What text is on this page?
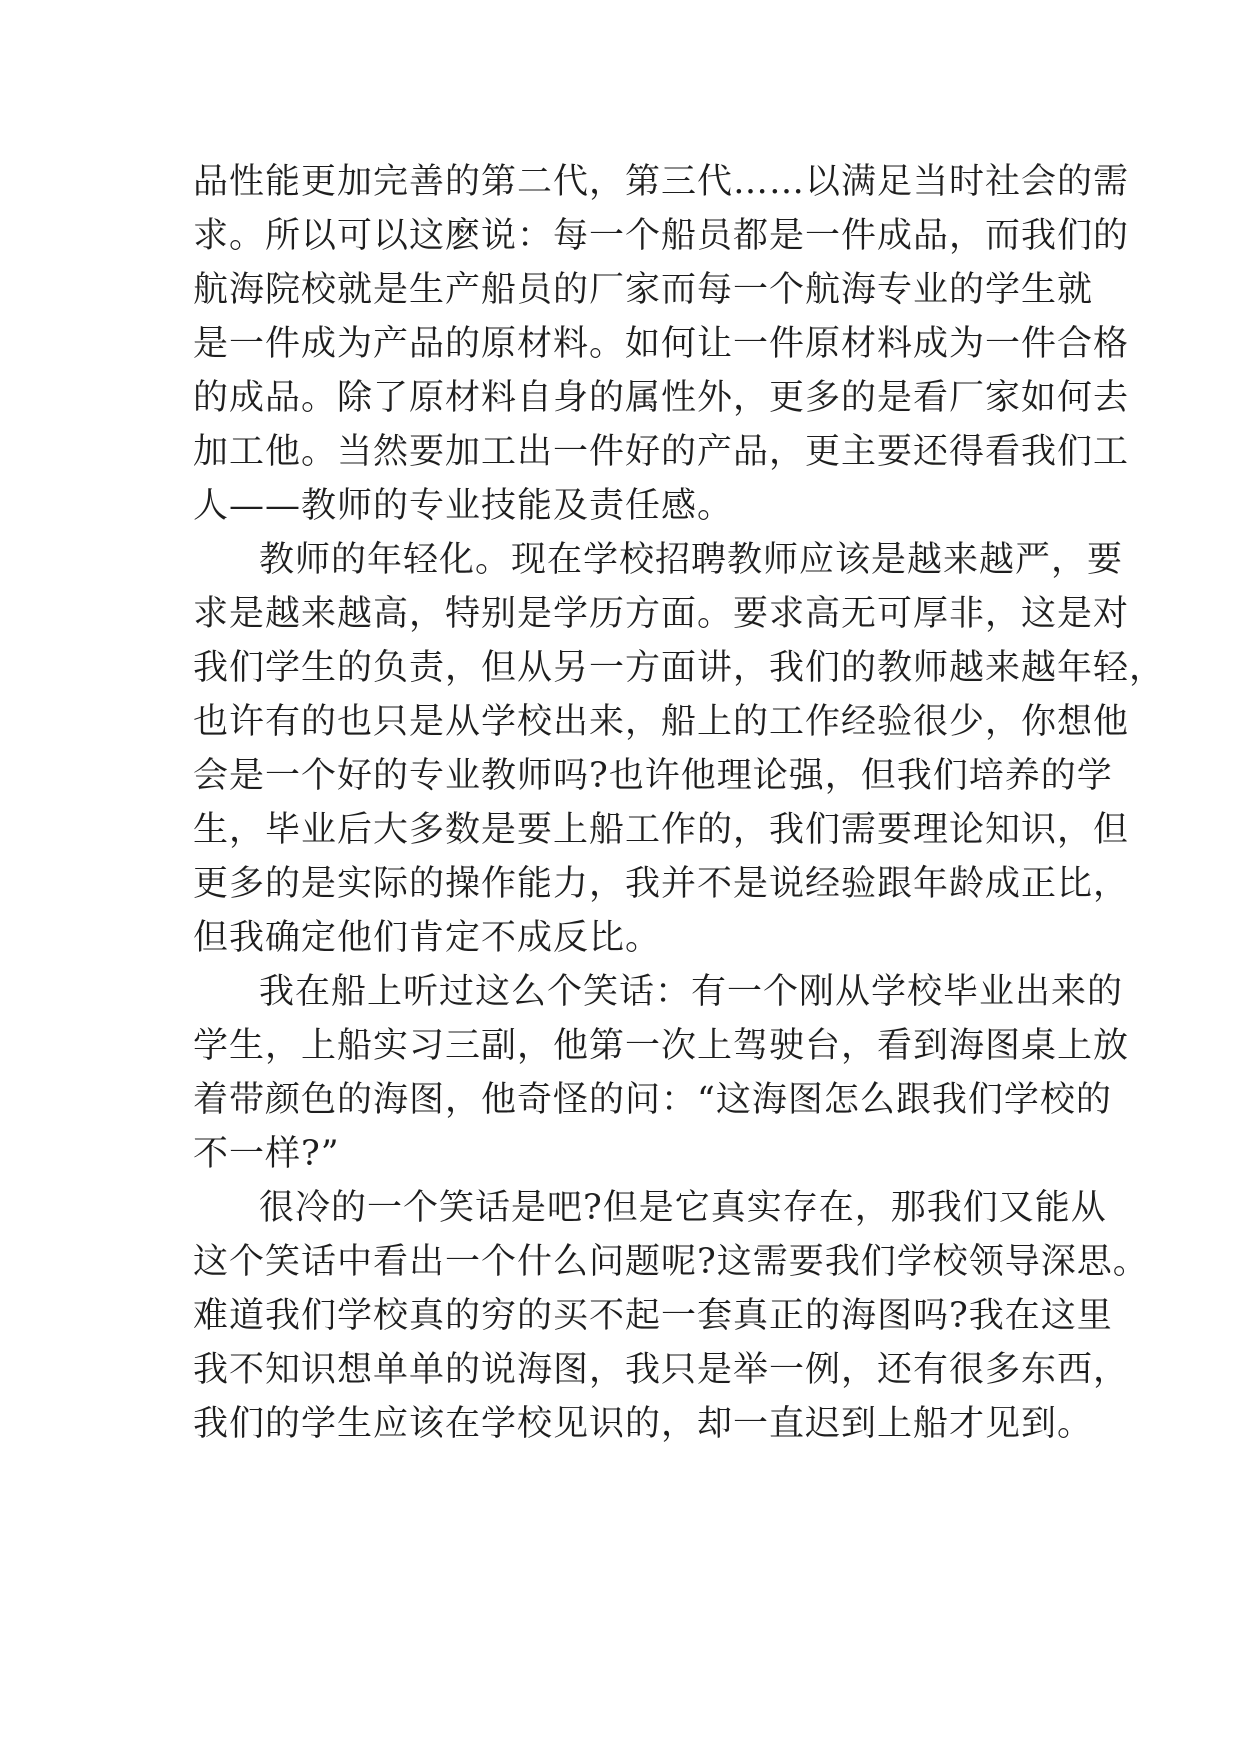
品性能更加完善的第二代，第三代……以满足当时社会的需
求。所以可以这麽说：每一个船员都是一件成品，而我们的
航海院校就是生产船员的厂家而每一个航海专业的学生就
是一件成为产品的原材料。如何让一件原材料成为一件合格
的成品。除了原材料自身的属性外，更多的是看厂家如何去
加工他。当然要加工出一件好的产品，更主要还得看我们工
人——教师的专业技能及责任感。
教师的年轻化。现在学校招聘教师应该是越来越严，要
求是越来越高，特别是学历方面。要求高无可厚非，这是对
我们学生的负责，但从另一方面讲，我们的教师越来越年轻，
也许有的也只是从学校出来，船上的工作经验很少，你想他
会是一个好的专业教师吗?也许他理论强，但我们培养的学
生，毕业后大多数是要上船工作的，我们需要理论知识，但
更多的是实际的操作能力，我并不是说经验跟年龄成正比，
但我确定他们肯定不成反比。
我在船上听过这么个笑话：有一个刚从学校毕业出来的
学生，上船实习三副，他第一次上驾驶台，看到海图桌上放
着带颜色的海图，他奇怪的问：“这海图怎么跟我们学校的
不一样?”
很冷的一个笑话是吧?但是它真实存在，那我们又能从
这个笑话中看出一个什么问题呢?这需要我们学校领导深思。
难道我们学校真的穷的买不起一套真正的海图吗?我在这里
我不知识想单单的说海图，我只是举一例，还有很多东西，
我们的学生应该在学校见识的，却一直迟到上船才见到。
